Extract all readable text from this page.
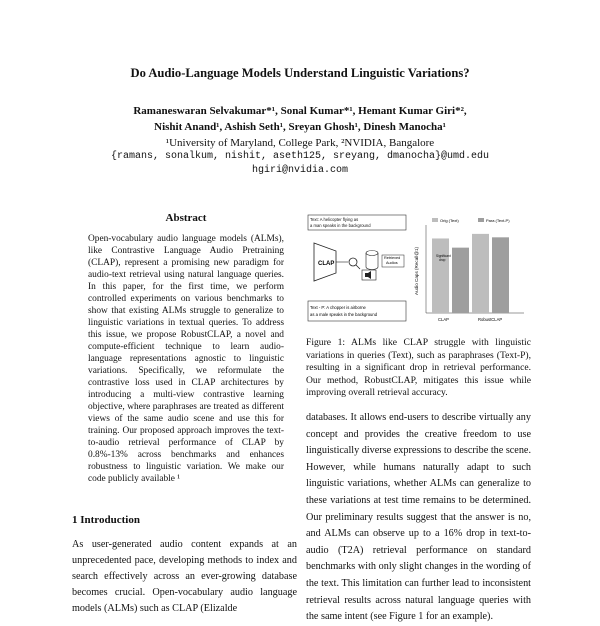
Do Audio-Language Models Understand Linguistic Variations?
Ramaneswaran Selvakumar*¹, Sonal Kumar*¹, Hemant Kumar Giri*²,
Nishit Anand¹, Ashish Seth¹, Sreyan Ghosh¹, Dinesh Manocha¹
¹University of Maryland, College Park, ²NVIDIA, Bangalore
{ramans, sonalkum, nishit, aseth125, sreyang, dmanocha}@umd.edu
hgiri@nvidia.com
Abstract
Open-vocabulary audio language models (ALMs), like Contrastive Language Audio Pretraining (CLAP), represent a promising new paradigm for audio-text retrieval using natural language queries. In this paper, for the first time, we perform controlled experiments on various benchmarks to show that existing ALMs struggle to generalize to linguistic variations in textual queries. To address this issue, we propose RobustCLAP, a novel and compute-efficient technique to learn audio-language representations agnostic to linguistic variations. Specifically, we reformulate the contrastive loss used in CLAP architectures by introducing a multi-view contrastive learning objective, where paraphrases are treated as different views of the same audio scene and use this for training. Our proposed approach improves the text-to-audio retrieval performance of CLAP by 0.8%-13% across benchmarks and enhances robustness to linguistic variation. We make our code publicly available ¹
1 Introduction
As user-generated audio content expands at an unprecedented pace, developing methods to index and search effectively across an ever-growing database becomes crucial. Open-vocabulary audio language models (ALMs) such as CLAP (Elizalde
Text: A helicopter flying as
a man speaks in the background
CLAP
Retrieved
Audios
Text - P: A chopper is airborne
as a male speaks in the background
Audio Caps (Recall@1)
Orig (Text)	Para (Text-P)
Significant
drop
CLAP	RobustCLAP
Figure 1: ALMs like CLAP struggle with linguistic variations in queries (Text), such as paraphrases (Text-P), resulting in a significant drop in retrieval performance. Our method, RobustCLAP, mitigates this issue while improving overall retrieval accuracy.
databases. It allows end-users to describe virtually any concept and provides the creative freedom to use linguistically diverse expressions to describe the scene. However, while humans naturally adapt to such linguistic variations, whether ALMs can generalize to these variations at test time remains to be determined. Our preliminary results suggest that the answer is no, and ALMs can observe up to a 16% drop in text-to-audio (T2A) retrieval performance on standard benchmarks with only slight changes in the wording of the text. This limitation can further lead to inconsistent retrieval results across natural language queries with the same intent (see Figure 1 for an example).
